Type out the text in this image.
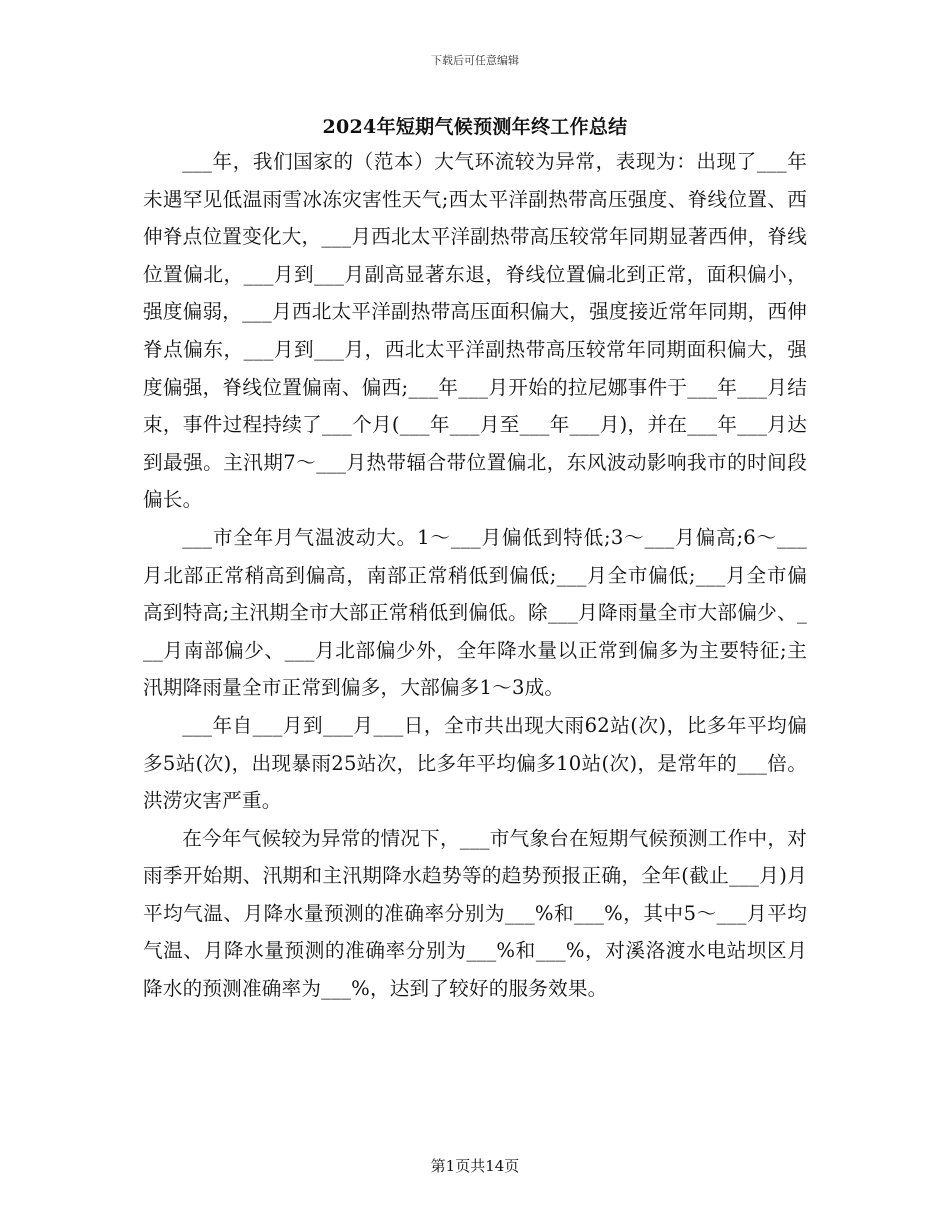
下载后可任意编辑
2024年短期气候预测年终工作总结

___年，我们国家的（范本）大气环流较为异常，表现为：出现了___年未遇罕见低温雨雪冰冻灾害性天气;西太平洋副热带高压强度、脊线位置、西伸脊点位置变化大，___月西北太平洋副热带高压较常年同期显著西伸，脊线位置偏北，___月到___月副高显著东退，脊线位置偏北到正常，面积偏小，强度偏弱，___月西北太平洋副热带高压面积偏大，强度接近常年同期，西伸脊点偏东，___月到___月，西北太平洋副热带高压较常年同期面积偏大，强度偏强，脊线位置偏南、偏西;___年___月开始的拉尼娜事件于___年___月结束，事件过程持续了___个月(___年___月至___年___月)，并在___年___月达到最强。主汛期7～___月热带辐合带位置偏北，东风波动影响我市的时间段偏长。

___市全年月气温波动大。1～___月偏低到特低;3～___月偏高;6～___月北部正常稍高到偏高，南部正常稍低到偏低;___月全市偏低;___月全市偏高到特高;主汛期全市大部正常稍低到偏低。除___月降雨量全市大部偏少、___月南部偏少、___月北部偏少外，全年降水量以正常到偏多为主要特征;主汛期降雨量全市正常到偏多，大部偏多1～3成。

___年自___月到___月___日，全市共出现大雨62站(次)，比多年平均偏多5站(次)，出现暴雨25站次，比多年平均偏多10站(次)，是常年的___倍。洪涝灾害严重。

在今年气候较为异常的情况下，___市气象台在短期气候预测工作中，对雨季开始期、汛期和主汛期降水趋势等的趋势预报正确，全年(截止___月)月平均气温、月降水量预测的准确率分别为___%和___%，其中5～___月平均气温、月降水量预测的准确率分别为___%和___%，对溪洛渡水电站坝区月降水的预测准确率为___%，达到了较好的服务效果。

第1页共14页
